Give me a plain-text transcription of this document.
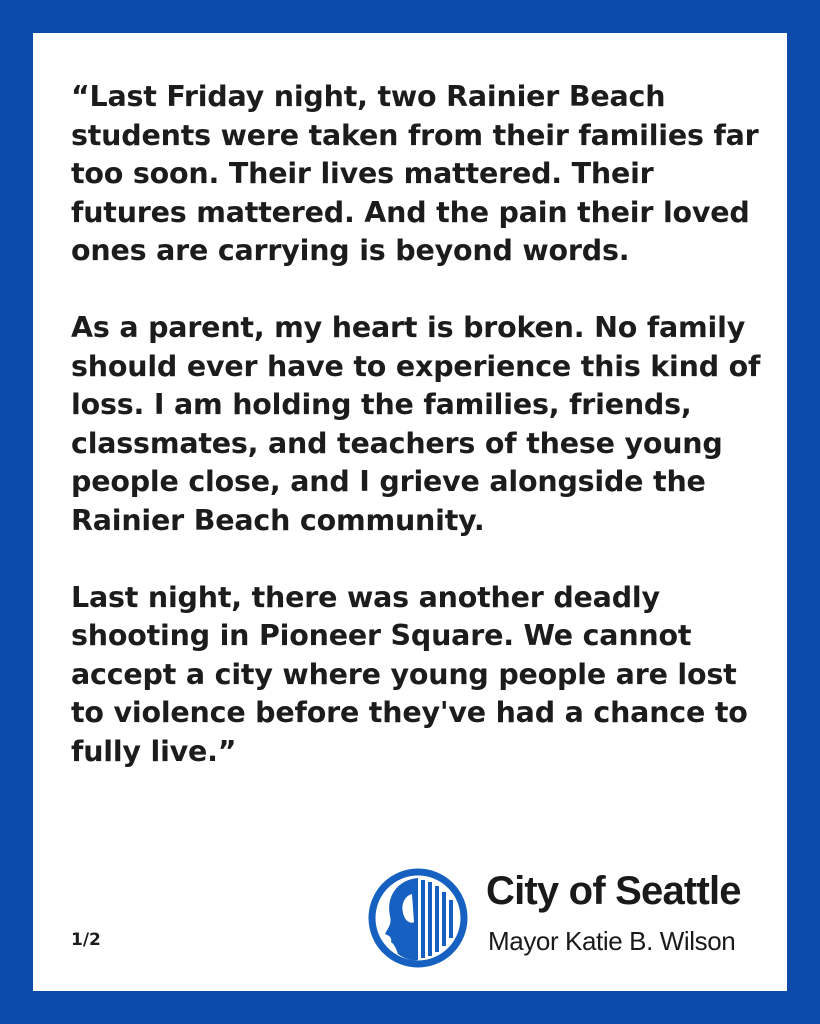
“Last Friday night, two Rainier Beach students were taken from their families far too soon. Their lives mattered. Their futures mattered. And the pain their loved ones are carrying is beyond words.

As a parent, my heart is broken. No family should ever have to experience this kind of loss. I am holding the families, friends, classmates, and teachers of these young people close, and I grieve alongside the Rainier Beach community.

Last night, there was another deadly shooting in Pioneer Square. We cannot accept a city where young people are lost to violence before they've had a chance to fully live.”

1/2
City of Seattle
Mayor Katie B. Wilson
